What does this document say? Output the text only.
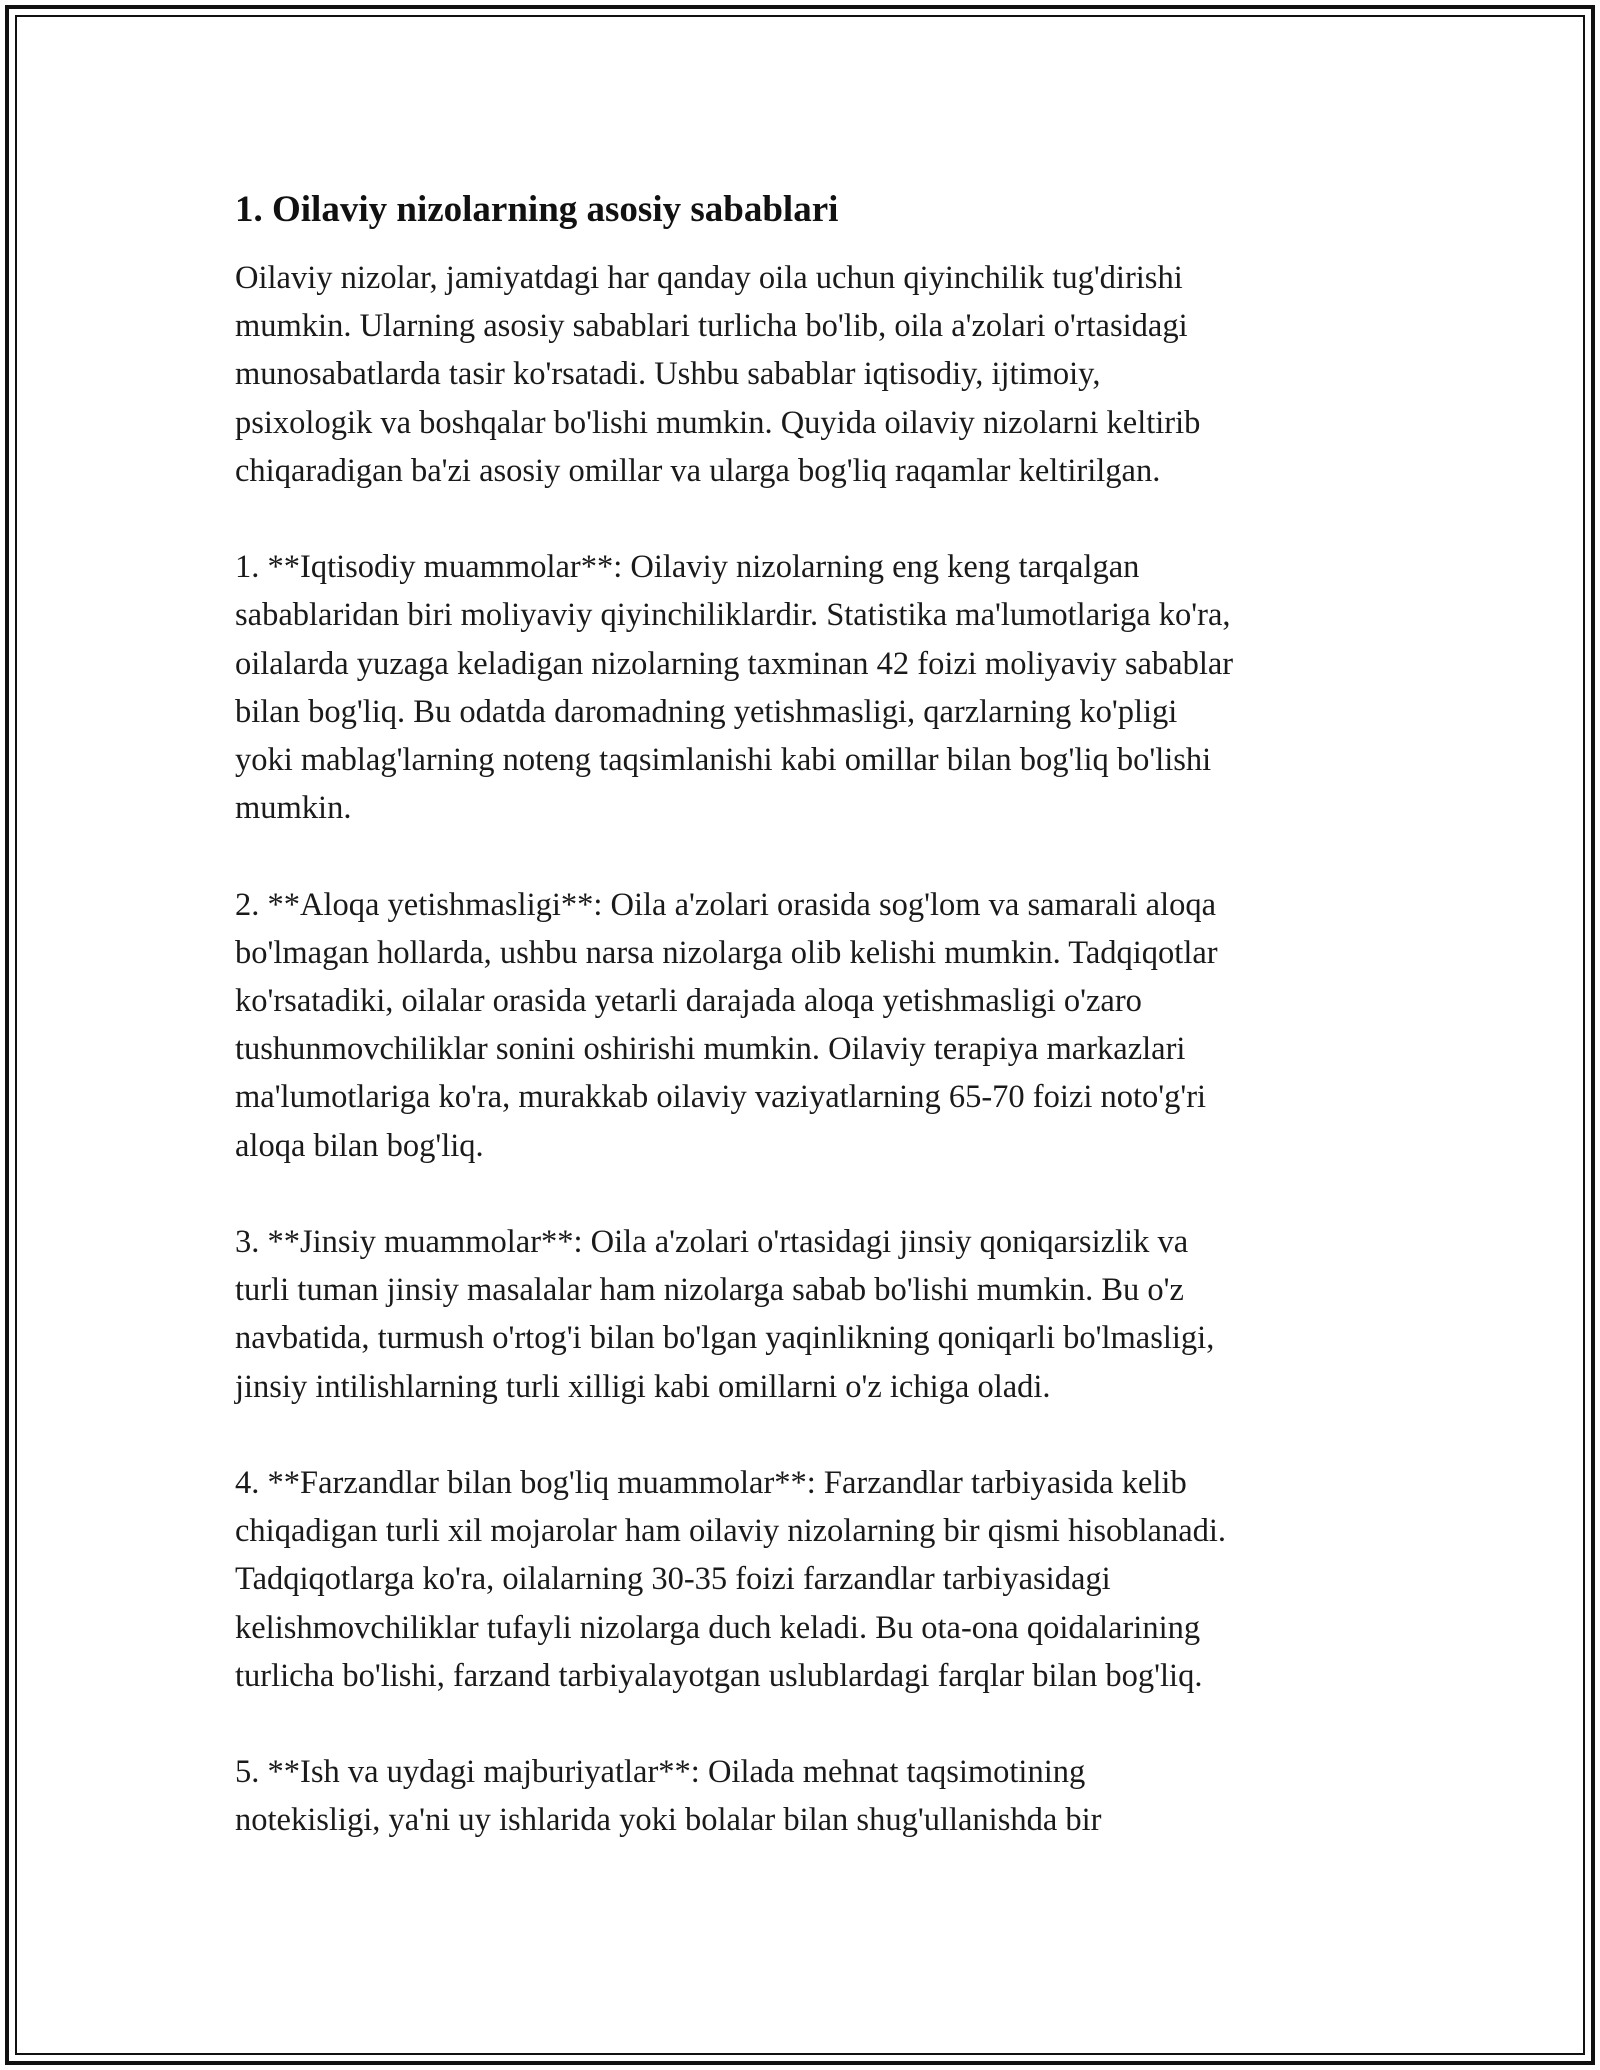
1. Oilaviy nizolarning asosiy sabablari

Oilaviy nizolar, jamiyatdagi har qanday oila uchun qiyinchilik tug'dirishi
mumkin. Ularning asosiy sabablari turlicha bo'lib, oila a'zolari o'rtasidagi
munosabatlarda tasir ko'rsatadi. Ushbu sabablar iqtisodiy, ijtimoiy,
psixologik va boshqalar bo'lishi mumkin. Quyida oilaviy nizolarni keltirib
chiqaradigan ba'zi asosiy omillar va ularga bog'liq raqamlar keltirilgan.

1. **Iqtisodiy muammolar**: Oilaviy nizolarning eng keng tarqalgan
sabablaridan biri moliyaviy qiyinchiliklardir. Statistika ma'lumotlariga ko'ra,
oilalarda yuzaga keladigan nizolarning taxminan 42 foizi moliyaviy sabablar
bilan bog'liq. Bu odatda daromadning yetishmasligi, qarzlarning ko'pligi
yoki mablag'larning noteng taqsimlanishi kabi omillar bilan bog'liq bo'lishi
mumkin.

2. **Aloqa yetishmasligi**: Oila a'zolari orasida sog'lom va samarali aloqa
bo'lmagan hollarda, ushbu narsa nizolarga olib kelishi mumkin. Tadqiqotlar
ko'rsatadiki, oilalar orasida yetarli darajada aloqa yetishmasligi o'zaro
tushunmovchiliklar sonini oshirishi mumkin. Oilaviy terapiya markazlari
ma'lumotlariga ko'ra, murakkab oilaviy vaziyatlarning 65-70 foizi noto'g'ri
aloqa bilan bog'liq.

3. **Jinsiy muammolar**: Oila a'zolari o'rtasidagi jinsiy qoniqarsizlik va
turli tuman jinsiy masalalar ham nizolarga sabab bo'lishi mumkin. Bu o'z
navbatida, turmush o'rtog'i bilan bo'lgan yaqinlikning qoniqarli bo'lmasligi,
jinsiy intilishlarning turli xilligi kabi omillarni o'z ichiga oladi.

4. **Farzandlar bilan bog'liq muammolar**: Farzandlar tarbiyasida kelib
chiqadigan turli xil mojarolar ham oilaviy nizolarning bir qismi hisoblanadi.
Tadqiqotlarga ko'ra, oilalarning 30-35 foizi farzandlar tarbiyasidagi
kelishmovchiliklar tufayli nizolarga duch keladi. Bu ota-ona qoidalarining
turlicha bo'lishi, farzand tarbiyalayotgan uslublardagi farqlar bilan bog'liq.

5. **Ish va uydagi majburiyatlar**: Oilada mehnat taqsimotining
notekisligi, ya'ni uy ishlarida yoki bolalar bilan shug'ullanishda bir
